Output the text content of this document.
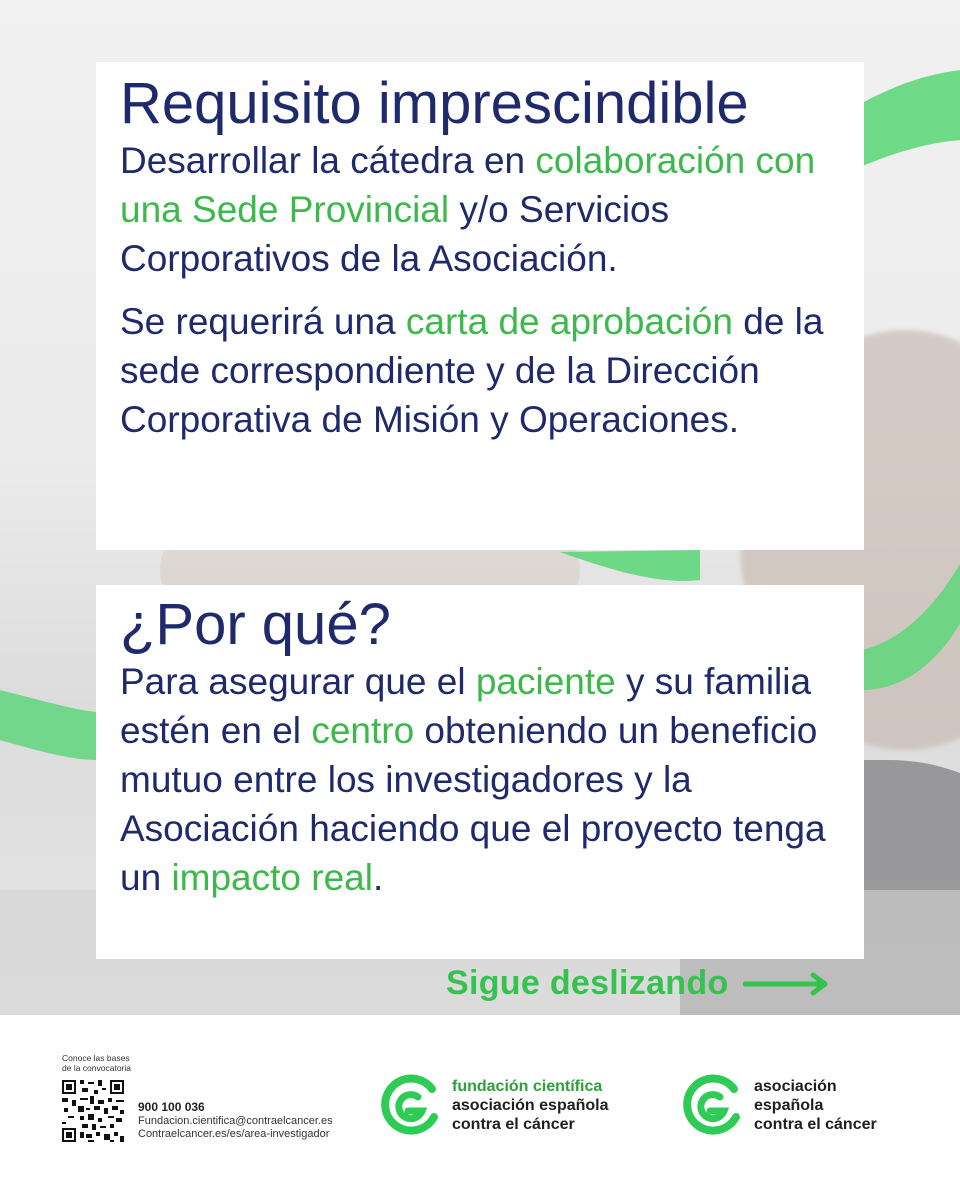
Requisito imprescindible

Desarrollar la cátedra en colaboración con una Sede Provincial y/o Servicios Corporativos de la Asociación.

Se requerirá una carta de aprobación de la sede correspondiente y de la Dirección Corporativa de Misión y Operaciones.

¿Por qué?

Para asegurar que el paciente y su familia estén en el centro obteniendo un beneficio mutuo entre los investigadores y la Asociación haciendo que el proyecto tenga un impacto real.

Sigue deslizando
Conoce las bases
de la convocatoria
900 100 036
Fundacion.cientifica@contraelcancer.es
Contraelcancer.es/es/area-investigador
fundación científica
asociación española
contra el cáncer
asociación
española
contra el cáncer
